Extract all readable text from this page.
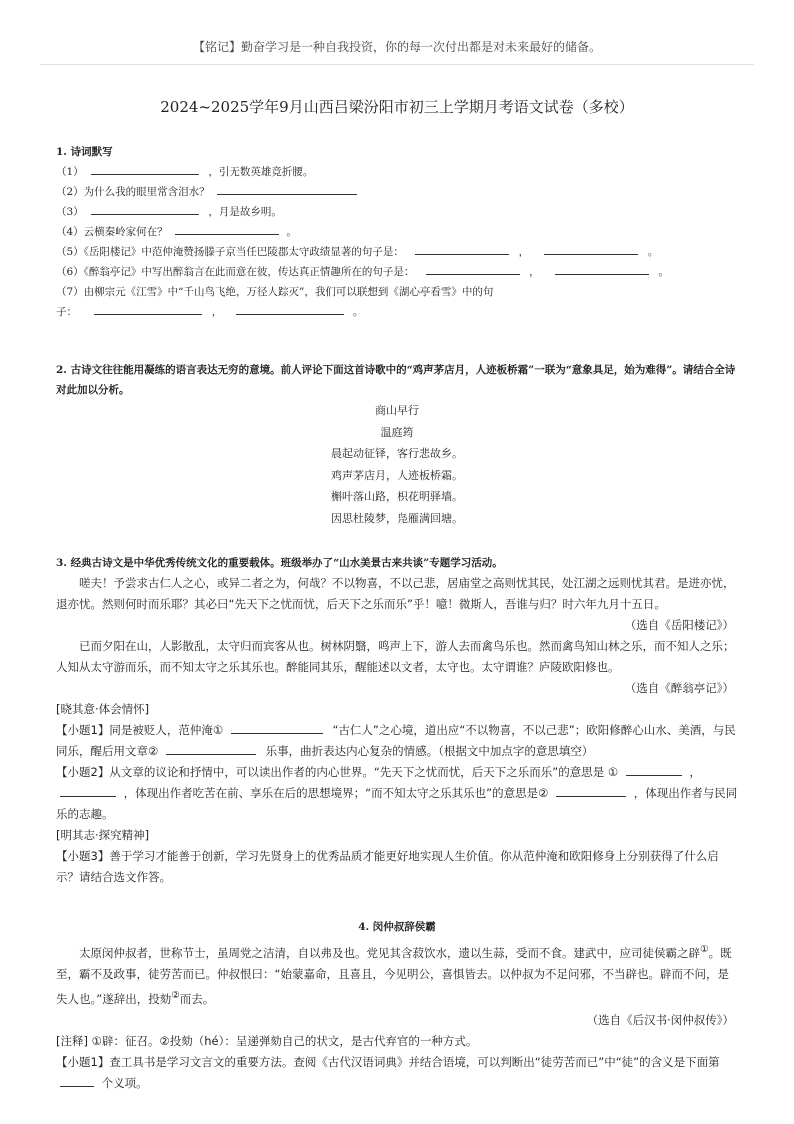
【铭记】勤奋学习是一种自我投资，你的每一次付出都是对未来最好的储备。
2024~2025学年9月山西吕梁汾阳市初三上学期月考语文试卷（多校）
1. 诗词默写
（1）	，引无数英雄竞折腰。
（2）为什么我的眼里常含泪水？
（3）	，月是故乡明。
（4）云横秦岭家何在？	。
（5）《岳阳楼记》中范仲淹赞扬滕子京当任巴陵郡太守政绩显著的句子是：	，	。
（6）《醉翁亭记》中写出醉翁言在此而意在彼，传达真正情趣所在的句子是：	，	。
（7）由柳宗元《江雪》中“千山鸟飞绝，万径人踪灭”，我们可以联想到《湖心亭看雪》中的句
子：	，	。
2. 古诗文往往能用凝练的语言表达无穷的意境。前人评论下面这首诗歌中的“鸡声茅店月，人迹板桥霜”一联为“意象具足，始为难得”。请结合全诗对此加以分析。
商山早行
温庭筠
晨起动征铎，客行悲故乡。
鸡声茅店月，人迹板桥霜。
槲叶落山路，枳花明驿墙。
因思杜陵梦，凫雁满回塘。
3. 经典古诗文是中华优秀传统文化的重要载体。班级举办了“山水美景古来共谈”专题学习活动。
嗟夫！予尝求古仁人之心，或异二者之为，何哉？不以物喜，不以己悲，居庙堂之高则忧其民，处江湖之远则忧其君。是进亦忧，退亦忧。然则何时而乐耶？其必曰“先天下之忧而忧，后天下之乐而乐”乎！噫！微斯人，吾谁与归？时六年九月十五日。
（选自《岳阳楼记》）
已而夕阳在山，人影散乱，太守归而宾客从也。树林阴翳，鸣声上下，游人去而禽鸟乐也。然而禽鸟知山林之乐，而不知人之乐；人知从太守游而乐，而不知太守之乐其乐也。醉能同其乐，醒能述以文者，太守也。太守谓谁？庐陵欧阳修也。
（选自《醉翁亭记》）
[晓其意·体会情怀]
【小题1】同是被贬人，范仲淹①	“古仁人”之心境，道出应“不以物喜，不以己悲”；欧阳修醉心山水、美酒，与民同乐，醒后用文章②	乐事，曲折表达内心复杂的情感。（根据文中加点字的意思填空）
【小题2】从文章的议论和抒情中，可以读出作者的内心世界。“先天下之忧而忧，后天下之乐而乐”的意思是 ①	，  ，体现出作者吃苦在前、享乐在后的思想境界；“而不知太守之乐其乐也”的意思是②	，体现出作者与民同乐的志趣。
[明其志·探究精神]
【小题3】善于学习才能善于创新，学习先贤身上的优秀品质才能更好地实现人生价值。你从范仲淹和欧阳修身上分别获得了什么启示？请结合选文作答。
4. 闵仲叔辞侯霸
太原闵仲叔者，世称节士，虽周党之洁清，自以弗及也。党见其含菽饮水，遗以生蒜，受而不食。建武中，应司徒侯霸之辟①。既至，霸不及政事，徒劳苦而已。仲叔恨曰：“始蒙嘉命，且喜且，今见明公，喜惧皆去。以仲叔为不足问邪，不当辟也。辟而不问，是失人也。”遂辞出，投劾②而去。
（选自《后汉书·闵仲叔传》）
[注释] ①辟：征召。②投劾（hé）：呈递弹劾自己的状文，是古代弃官的一种方式。
【小题1】查工具书是学习文言文的重要方法。查阅《古代汉语词典》并结合语境，可以判断出“徒劳苦而已”中“徒”的含义是下面第  个义项。
